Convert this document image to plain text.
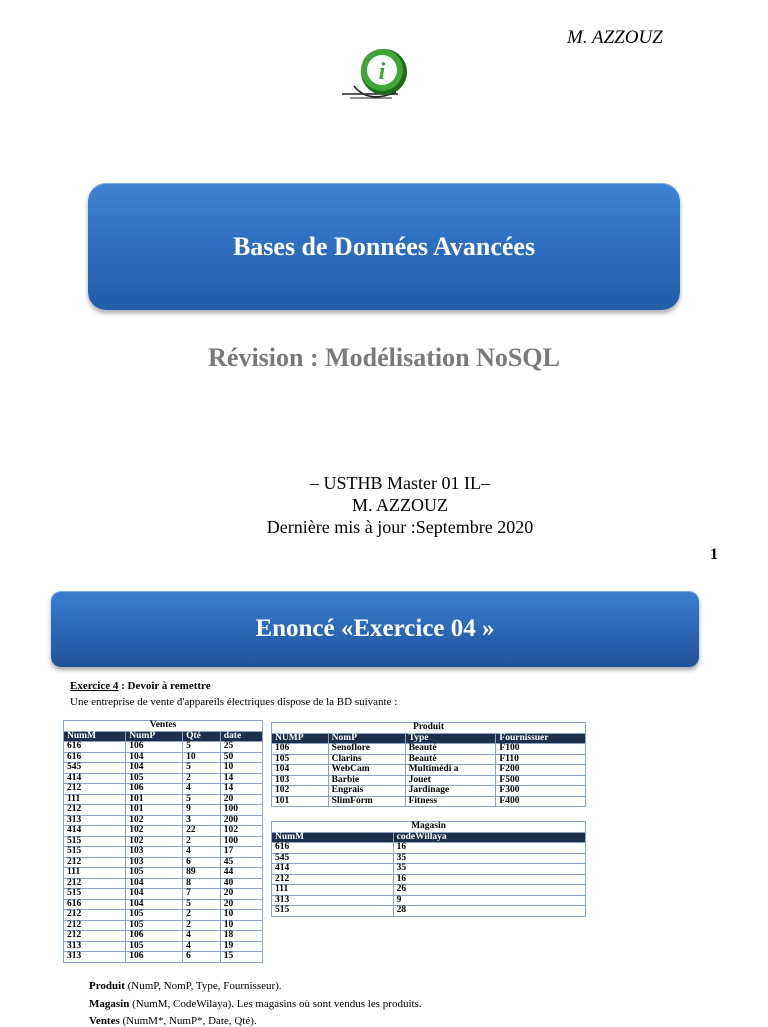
M. AZZOUZ
i
Bases de Données Avancées
Révision : Modélisation NoSQL
– USTHB Master 01 IL–
M. AZZOUZ
Dernière mis à jour :Septembre 2020
1
Enoncé «Exercice 04 »
Exercice 4 : Devoir à remettre
Une entreprise de vente d'appareils électriques dispose de la BD suivante :
Ventes			
NumM	NumP	Qté	date
616	106	5	25
616	104	10	50
545	104	5	10
414	105	2	14
212	106	4	14
111	101	5	20
212	101	9	100
313	102	3	200
414	102	22	102
515	102	2	100
515	103	4	17
212	103	6	45
111	105	89	44
212	104	8	40
515	104	7	20
616	104	5	20
212	105	2	10
212	105	2	10
212	106	4	18
313	105	4	19
313	106	6	15
Produit			
NUMP	NomP	Type	Fournissuer
106	Senoflore	Beauté	F100
105	Clarins	Beauté	F110
104	WebCam	Multimédi a	F200
103	Barbie	Jouet	F500
102	Engrais	Jardinage	F300
101	SlimForm	Fitness	F400
Magasin	
NumM	codeWillaya
616	16
545	35
414	35
212	16
111	26
313	9
515	28
Produit (NumP, NomP, Type, Fournisseur).
Magasin (NumM, CodeWilaya). Les magasins où sont vendus les produits.
Ventes (NumM*, NumP*, Date, Qté).
